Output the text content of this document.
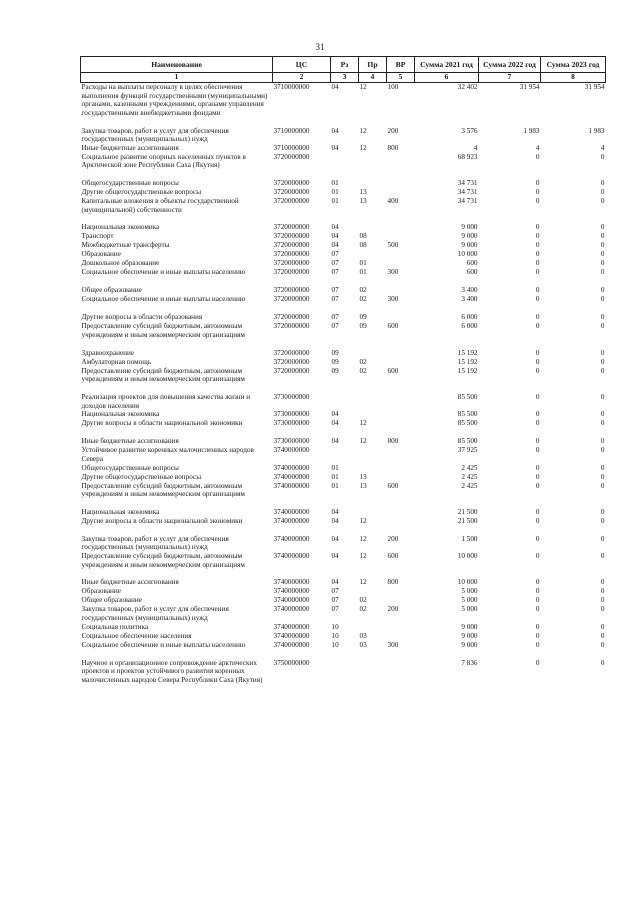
31
Наименование	ЦС	Рз	Пр	ВР	Сумма 2021 год	Сумма 2022 год	Сумма 2023 год
1	2	3	4	5	6	7	8
Расходы на выплаты персоналу в целях обеспечения выполнения функций государственными (муниципальными) органами, казенными учреждениями, органами управления государственными внебюджетными фондами	3710000000	04	12	100	32 402	31 954	31 954

Закупка товаров, работ и услуг для обеспечения государственных (муниципальных) нужд	3710000000	04	12	200	3 576	1 983	1 983
Иные бюджетные ассигнования	3710000000	04	12	800	4	4	4
Социальное развитие опорных населенных пунктов в Арктической зоне Республики Саха (Якутия)	3720000000				68 923	0	0

Общегосударственные вопросы	3720000000	01			34 731	0	0
Другие общегосударственные вопросы	3720000000	01	13		34 731	0	0
Капитальные вложения в объекты государственной (муниципальной) собственности	3720000000	01	13	400	34 731	0	0

Национальная экономика	3720000000	04			9 000	0	0
Транспорт	3720000000	04	08		9 000	0	0
Межбюджетные трансферты	3720000000	04	08	500	9 000	0	0
Образование	3720000000	07			10 000	0	0
Дошкольное образование	3720000000	07	01		600	0	0
Социальное обеспечение и иные выплаты населению	3720000000	07	01	300	600	0	0

Общее образование	3720000000	07	02		3 400	0	0
Социальное обеспечение и иные выплаты населению	3720000000	07	02	300	3 400	0	0

Другие вопросы в области образования	3720000000	07	09		6 000	0	0
Предоставление субсидий бюджетным, автономным учреждениям и иным некоммерческим организациям	3720000000	07	09	600	6 000	0	0

Здравоохранение	3720000000	09			15 192	0	0
Амбулаторная помощь	3720000000	09	02		15 192	0	0
Предоставление субсидий бюджетным, автономным учреждениям и иным некоммерческим организациям	3720000000	09	02	600	15 192	0	0

Реализация проектов для повышения качества жизни и доходов населения	3730000000				85 500	0	0
Национальная экономика	3730000000	04			85 500	0	0
Другие вопросы в области национальной экономики	3730000000	04	12		85 500	0	0

Иные бюджетные ассигнования	3730000000	04	12	800	85 500	0	0
Устойчивое развитие коренных малочисленных народов Севера	3740000000				37 925	0	0
Общегосударственные вопросы	3740000000	01			2 425	0	0
Другие общегосударственные вопросы	3740000000	01	13		2 425	0	0
Предоставление субсидий бюджетным, автономным учреждениям и иным некоммерческим организациям	3740000000	01	13	600	2 425	0	0

Национальная экономика	3740000000	04			21 500	0	0
Другие вопросы в области национальной экономики	3740000000	04	12		21 500	0	0

Закупка товаров, работ и услуг для обеспечения государственных (муниципальных) нужд	3740000000	04	12	200	1 500	0	0
Предоставление субсидий бюджетным, автономным учреждениям и иным некоммерческим организациям	3740000000	04	12	600	10 000	0	0

Иные бюджетные ассигнования	3740000000	04	12	800	10 000	0	0
Образование	3740000000	07			5 000	0	0
Общее образование	3740000000	07	02		5 000	0	0
Закупка товаров, работ и услуг для обеспечения государственных (муниципальных) нужд	3740000000	07	02	200	5 000	0	0
Социальная политика	3740000000	10			9 000	0	0
Социальное обеспечение населения	3740000000	10	03		9 000	0	0
Социальное обеспечение и иные выплаты населению	3740000000	10	03	300	9 000	0	0

Научное и организационное сопровождение арктических проектов и проектов устойчивого развития коренных малочисленных народов Севера Республики Саха (Якутия)	3750000000				7 836	0	0
